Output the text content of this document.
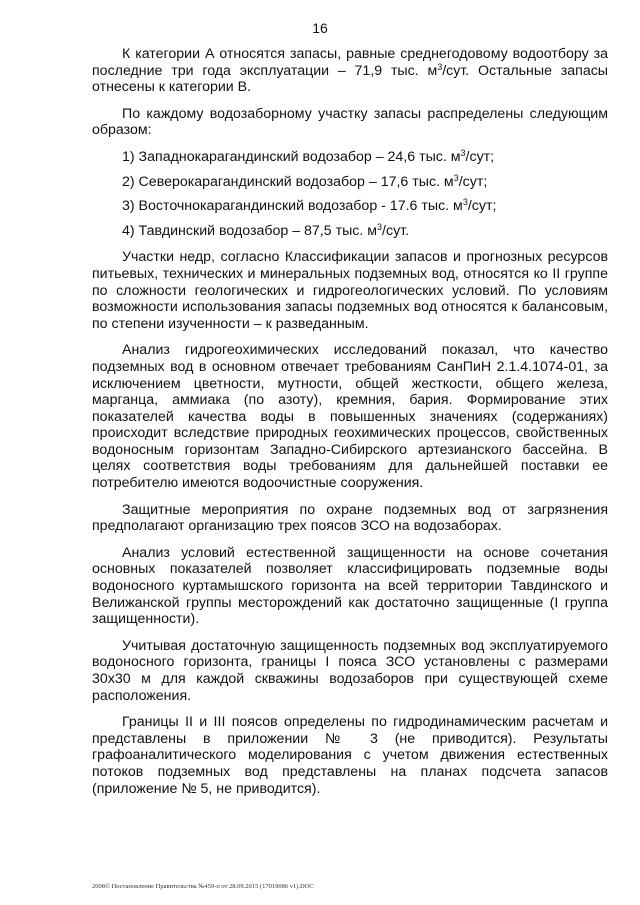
16

К категории А относятся запасы, равные среднегодовому водоотбору за последние три года эксплуатации – 71,9 тыс. $м^3$/сут. Остальные запасы отнесены к категории В.

По каждому водозаборному участку запасы распределены следующим образом:

1) Западнокарагандинский водозабор – 24,6 тыс. $м^3$/сут;

2) Северокарагандинский водозабор – 17,6 тыс. $м^3$/сут;

3) Восточнокарагандинский водозабор - 17.6 тыс. $м^3$/сут;

4) Тавдинский водозабор – 87,5 тыс. $м^3$/сут.

Участки недр, согласно Классификации запасов и прогнозных ресурсов питьевых, технических и минеральных подземных вод, относятся ко II группе по сложности геологических и гидрогеологических условий. По условиям возможности использования запасы подземных вод относятся к балансовым, по степени изученности – к разведанным.

Анализ гидрогеохимических исследований показал, что качество подземных вод в основном отвечает требованиям СанПиН 2.1.4.1074-01, за исключением цветности, мутности, общей жесткости, общего железа, марганца, аммиака (по азоту), кремния, бария. Формирование этих показателей качества воды в повышенных значениях (содержаниях) происходит вследствие природных геохимических процессов, свойственных водоносным горизонтам Западно-Сибирского артезианского бассейна. В целях соответствия воды требованиям для дальнейшей поставки ее потребителю имеются водоочистные сооружения.

Защитные мероприятия по охране подземных вод от загрязнения предполагают организацию трех поясов ЗСО на водозаборах.

Анализ условий естественной защищенности на основе сочетания основных показателей позволяет классифицировать подземные воды водоносного куртамышского горизонта на всей территории Тавдинского и Велижанской группы месторождений как достаточно защищенные (I группа защищенности).

Учитывая достаточную защищенность подземных вод эксплуатируемого водоносного горизонта, границы I пояса ЗСО установлены с размерами 30х30 м для каждой скважины водозаборов при существующей схеме расположения.

Границы II и III поясов определены по гидродинамическим расчетам и представлены в приложении № 3 (не приводится). Результаты графоаналитического моделирования с учетом движения естественных потоков подземных вод представлены на планах подсчета запасов (приложение № 5, не приводится).

2008© Постановление Правительства №459-п от 28.09.2015 (17019086 v1).DOC
